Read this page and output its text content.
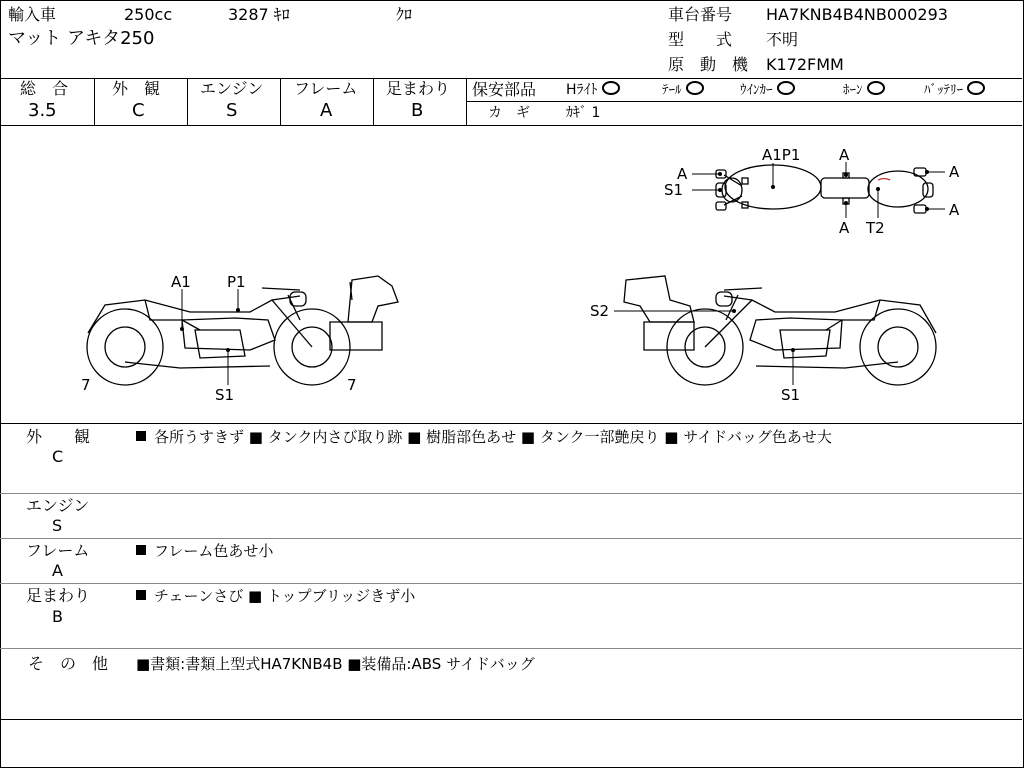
輸入車	250cc	3287 ｷﾛ	ｸﾛ
マット アキタ250
車台番号 HA7KNB4B4NB000293
型　　式 不明
原　動　機 K172FMM
総　合
3.5
外　観
C
エンジン
S
フレーム
A
足まわり
B
保安部品 Hﾗｲﾄ	ﾃｰﾙ	ｳｲﾝｶｰ	ﾎｰﾝ	ﾊﾞｯﾃﾘｰ
カ　ギ	ｶｷﾞ 1
A
S1
A1P1	A
A
A
A T2
A1 P1
S1
7	7
S2
S1
外　　観
C
各所うすきず ■ タンク内さび取り跡 ■ 樹脂部色あせ ■ タンク一部艶戻り ■ サイドバッグ色あせ大
エンジン
S
フレーム
A
フレーム色あせ小
足まわり
B
チェーンさび ■ トップブリッジきず小
そ　の　他 ■書類:書類上型式HA7KNB4B ■装備品:ABS サイドバッグ
